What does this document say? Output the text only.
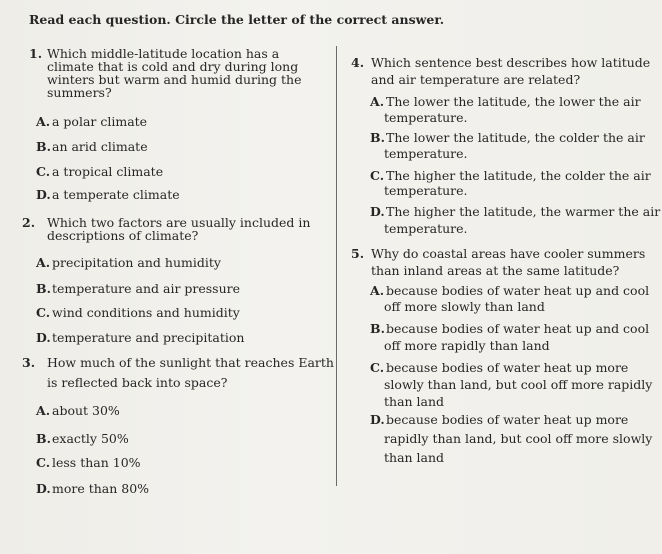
Read each question. Circle the letter of the correct answer.
1. Which middle-latitude location has a
climate that is cold and dry during long
winters but warm and humid during the
summers?
A. a polar climate
B. an arid climate
C. a tropical climate
D. a temperate climate
2. Which two factors are usually included in
descriptions of climate?
A. precipitation and humidity
B. temperature and air pressure
C. wind conditions and humidity
D. temperature and precipitation
3. How much of the sunlight that reaches Earth
is reflected back into space?
A. about 30%
B. exactly 50%
C. less than 10%
D. more than 80%
4. Which sentence best describes how latitude
and air temperature are related?
A. The lower the latitude, the lower the air
temperature.
B. The lower the latitude, the colder the air
temperature.
C. The higher the latitude, the colder the air
temperature.
D. The higher the latitude, the warmer the air
temperature.
5. Why do coastal areas have cooler summers
than inland areas at the same latitude?
A. because bodies of water heat up and cool
off more slowly than land
B. because bodies of water heat up and cool
off more rapidly than land
C. because bodies of water heat up more
slowly than land, but cool off more rapidly
than land
D. because bodies of water heat up more
rapidly than land, but cool off more slowly
than land
